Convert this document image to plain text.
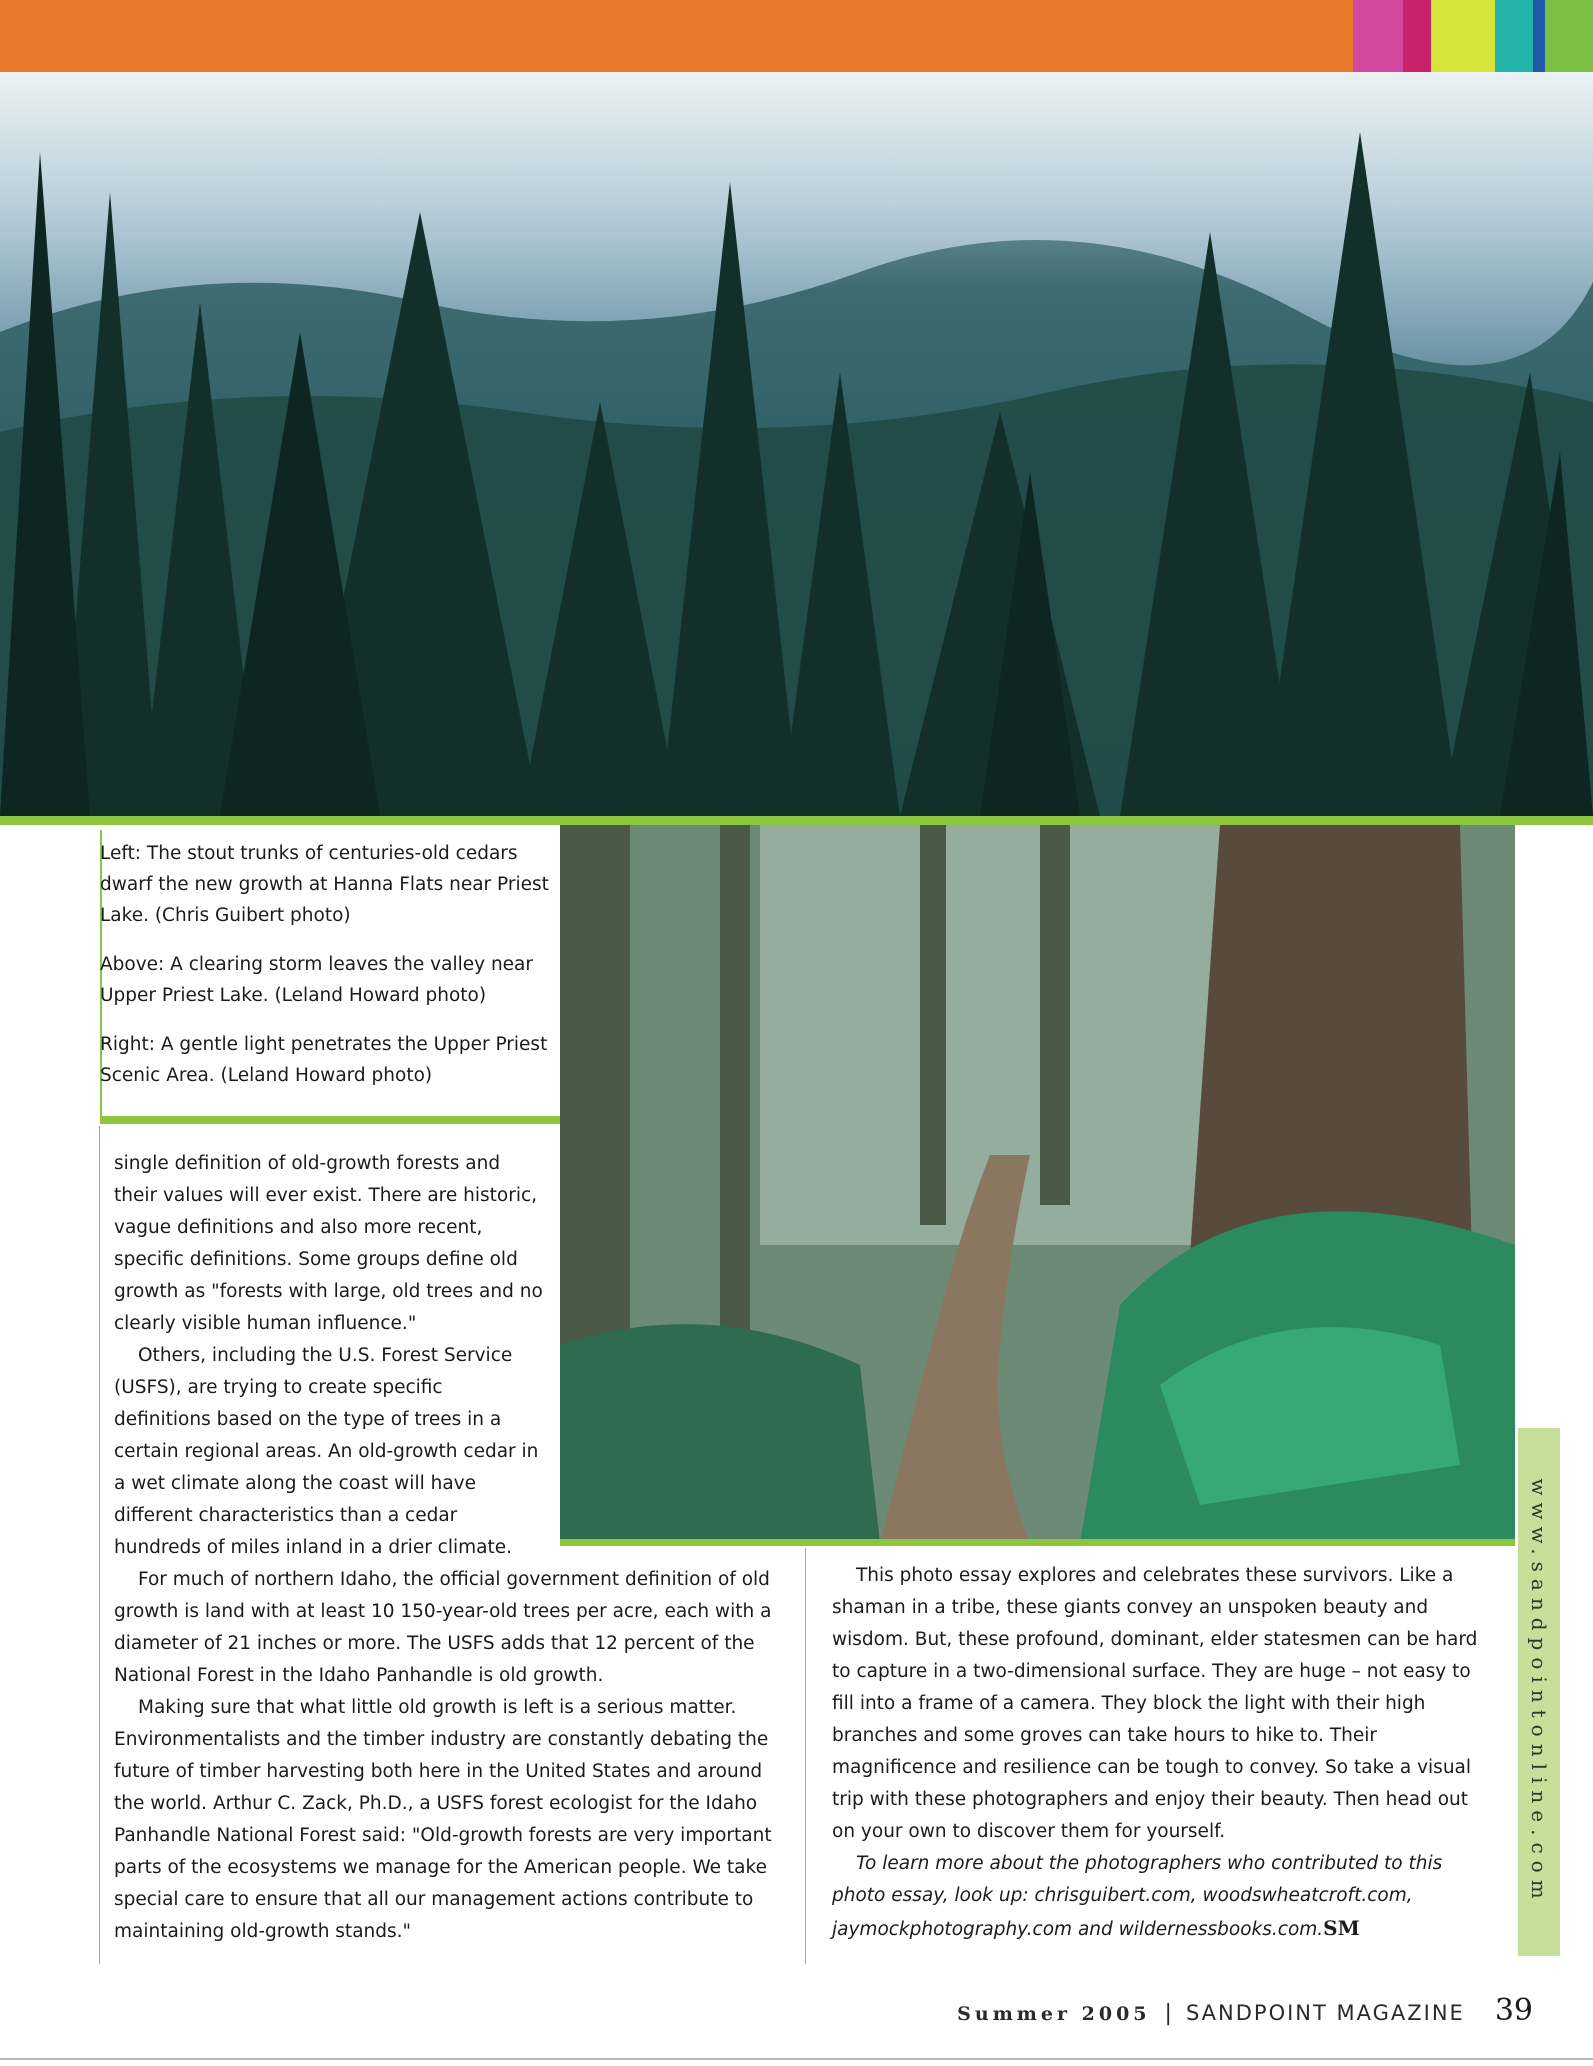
Left: The stout trunks of centuries-old cedars dwarf the new growth at Hanna Flats near Priest Lake. (Chris Guibert photo)

Above: A clearing storm leaves the valley near Upper Priest Lake. (Leland Howard photo)

Right: A gentle light penetrates the Upper Priest Scenic Area. (Leland Howard photo)

single definition of old-growth forests and their values will ever exist. There are historic, vague definitions and also more recent, specific definitions. Some groups define old growth as "forests with large, old trees and no clearly visible human influence."

Others, including the U.S. Forest Service (USFS), are trying to create specific definitions based on the type of trees in a certain regional areas. An old-growth cedar in a wet climate along the coast will have different characteristics than a cedar hundreds of miles inland in a drier climate.

For much of northern Idaho, the official government definition of old growth is land with at least 10 150-year-old trees per acre, each with a diameter of 21 inches or more. The USFS adds that 12 percent of the National Forest in the Idaho Panhandle is old growth.

Making sure that what little old growth is left is a serious matter. Environmentalists and the timber industry are constantly debating the future of timber harvesting both here in the United States and around the world. Arthur C. Zack, Ph.D., a USFS forest ecologist for the Idaho Panhandle National Forest said: "Old-growth forests are very important parts of the ecosystems we manage for the American people. We take special care to ensure that all our management actions contribute to maintaining old-growth stands."

This photo essay explores and celebrates these survivors. Like a shaman in a tribe, these giants convey an unspoken beauty and wisdom. But, these profound, dominant, elder statesmen can be hard to capture in a two-dimensional surface. They are huge – not easy to fill into a frame of a camera. They block the light with their high branches and some groves can take hours to hike to. Their magnificence and resilience can be tough to convey. So take a visual trip with these photographers and enjoy their beauty. Then head out on your own to discover them for yourself.

To learn more about the photographers who contributed to this photo essay, look up: chrisguibert.com, woodswheatcroft.com, jaymockphotography.com and wildernessbooks.com.SM

www.sandpointonline.com
Summer 2005 | SANDPOINT MAGAZINE 39
